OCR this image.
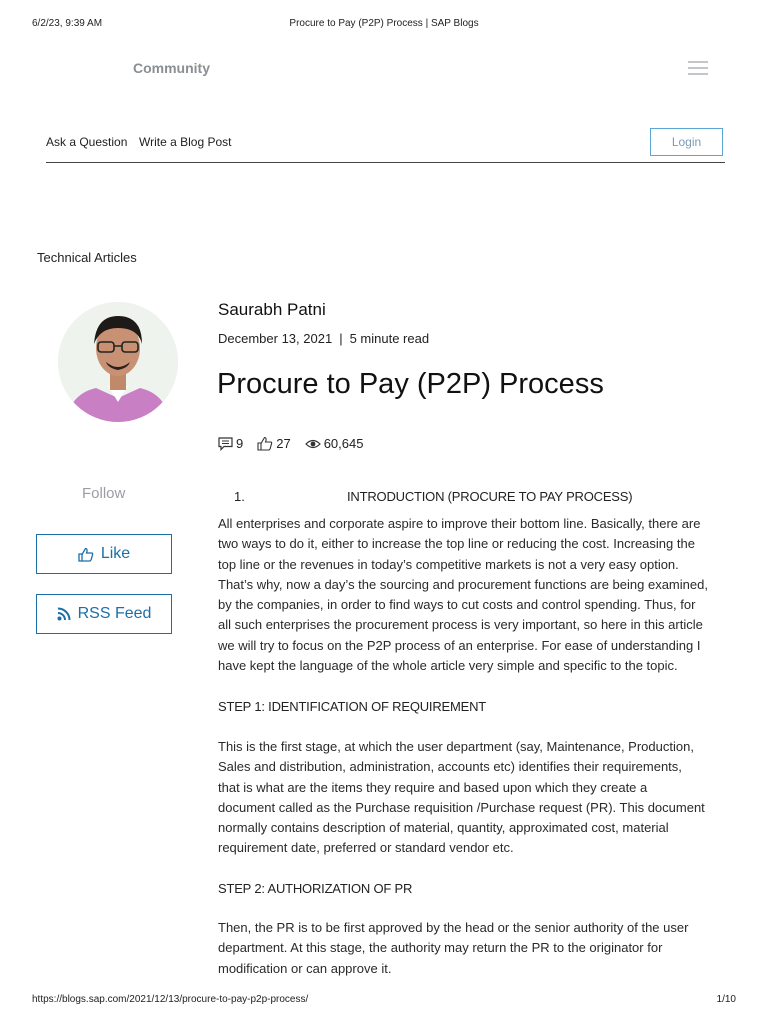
6/2/23, 9:39 AM	Procure to Pay (P2P) Process | SAP Blogs
Community
Ask a Question Write a Blog Post	Login
Technical Articles
Saurabh Patni
December 13, 2021 | 5 minute read
Procure to Pay (P2P) Process
9	27	60,645
Follow
Like
RSS Feed
1.	INTRODUCTION (PROCURE TO PAY PROCESS)
All enterprises and corporate aspire to improve their bottom line. Basically, there are
two ways to do it, either to increase the top line or reducing the cost. Increasing the
top line or the revenues in today’s competitive markets is not a very easy option.
That’s why, now a day’s the sourcing and procurement functions are being examined,
by the companies, in order to find ways to cut costs and control spending. Thus, for
all such enterprises the procurement process is very important, so here in this article
we will try to focus on the P2P process of an enterprise. For ease of understanding I
have kept the language of the whole article very simple and specific to the topic.
STEP 1: IDENTIFICATION OF REQUIREMENT
This is the first stage, at which the user department (say, Maintenance, Production,
Sales and distribution, administration, accounts etc) identifies their requirements,
that is what are the items they require and based upon which they create a
document called as the Purchase requisition /Purchase request (PR). This document
normally contains description of material, quantity, approximated cost, material
requirement date, preferred or standard vendor etc.
STEP 2: AUTHORIZATION OF PR
Then, the PR is to be first approved by the head or the senior authority of the user
department. At this stage, the authority may return the PR to the originator for
modification or can approve it.
https://blogs.sap.com/2021/12/13/procure-to-pay-p2p-process/	1/10
